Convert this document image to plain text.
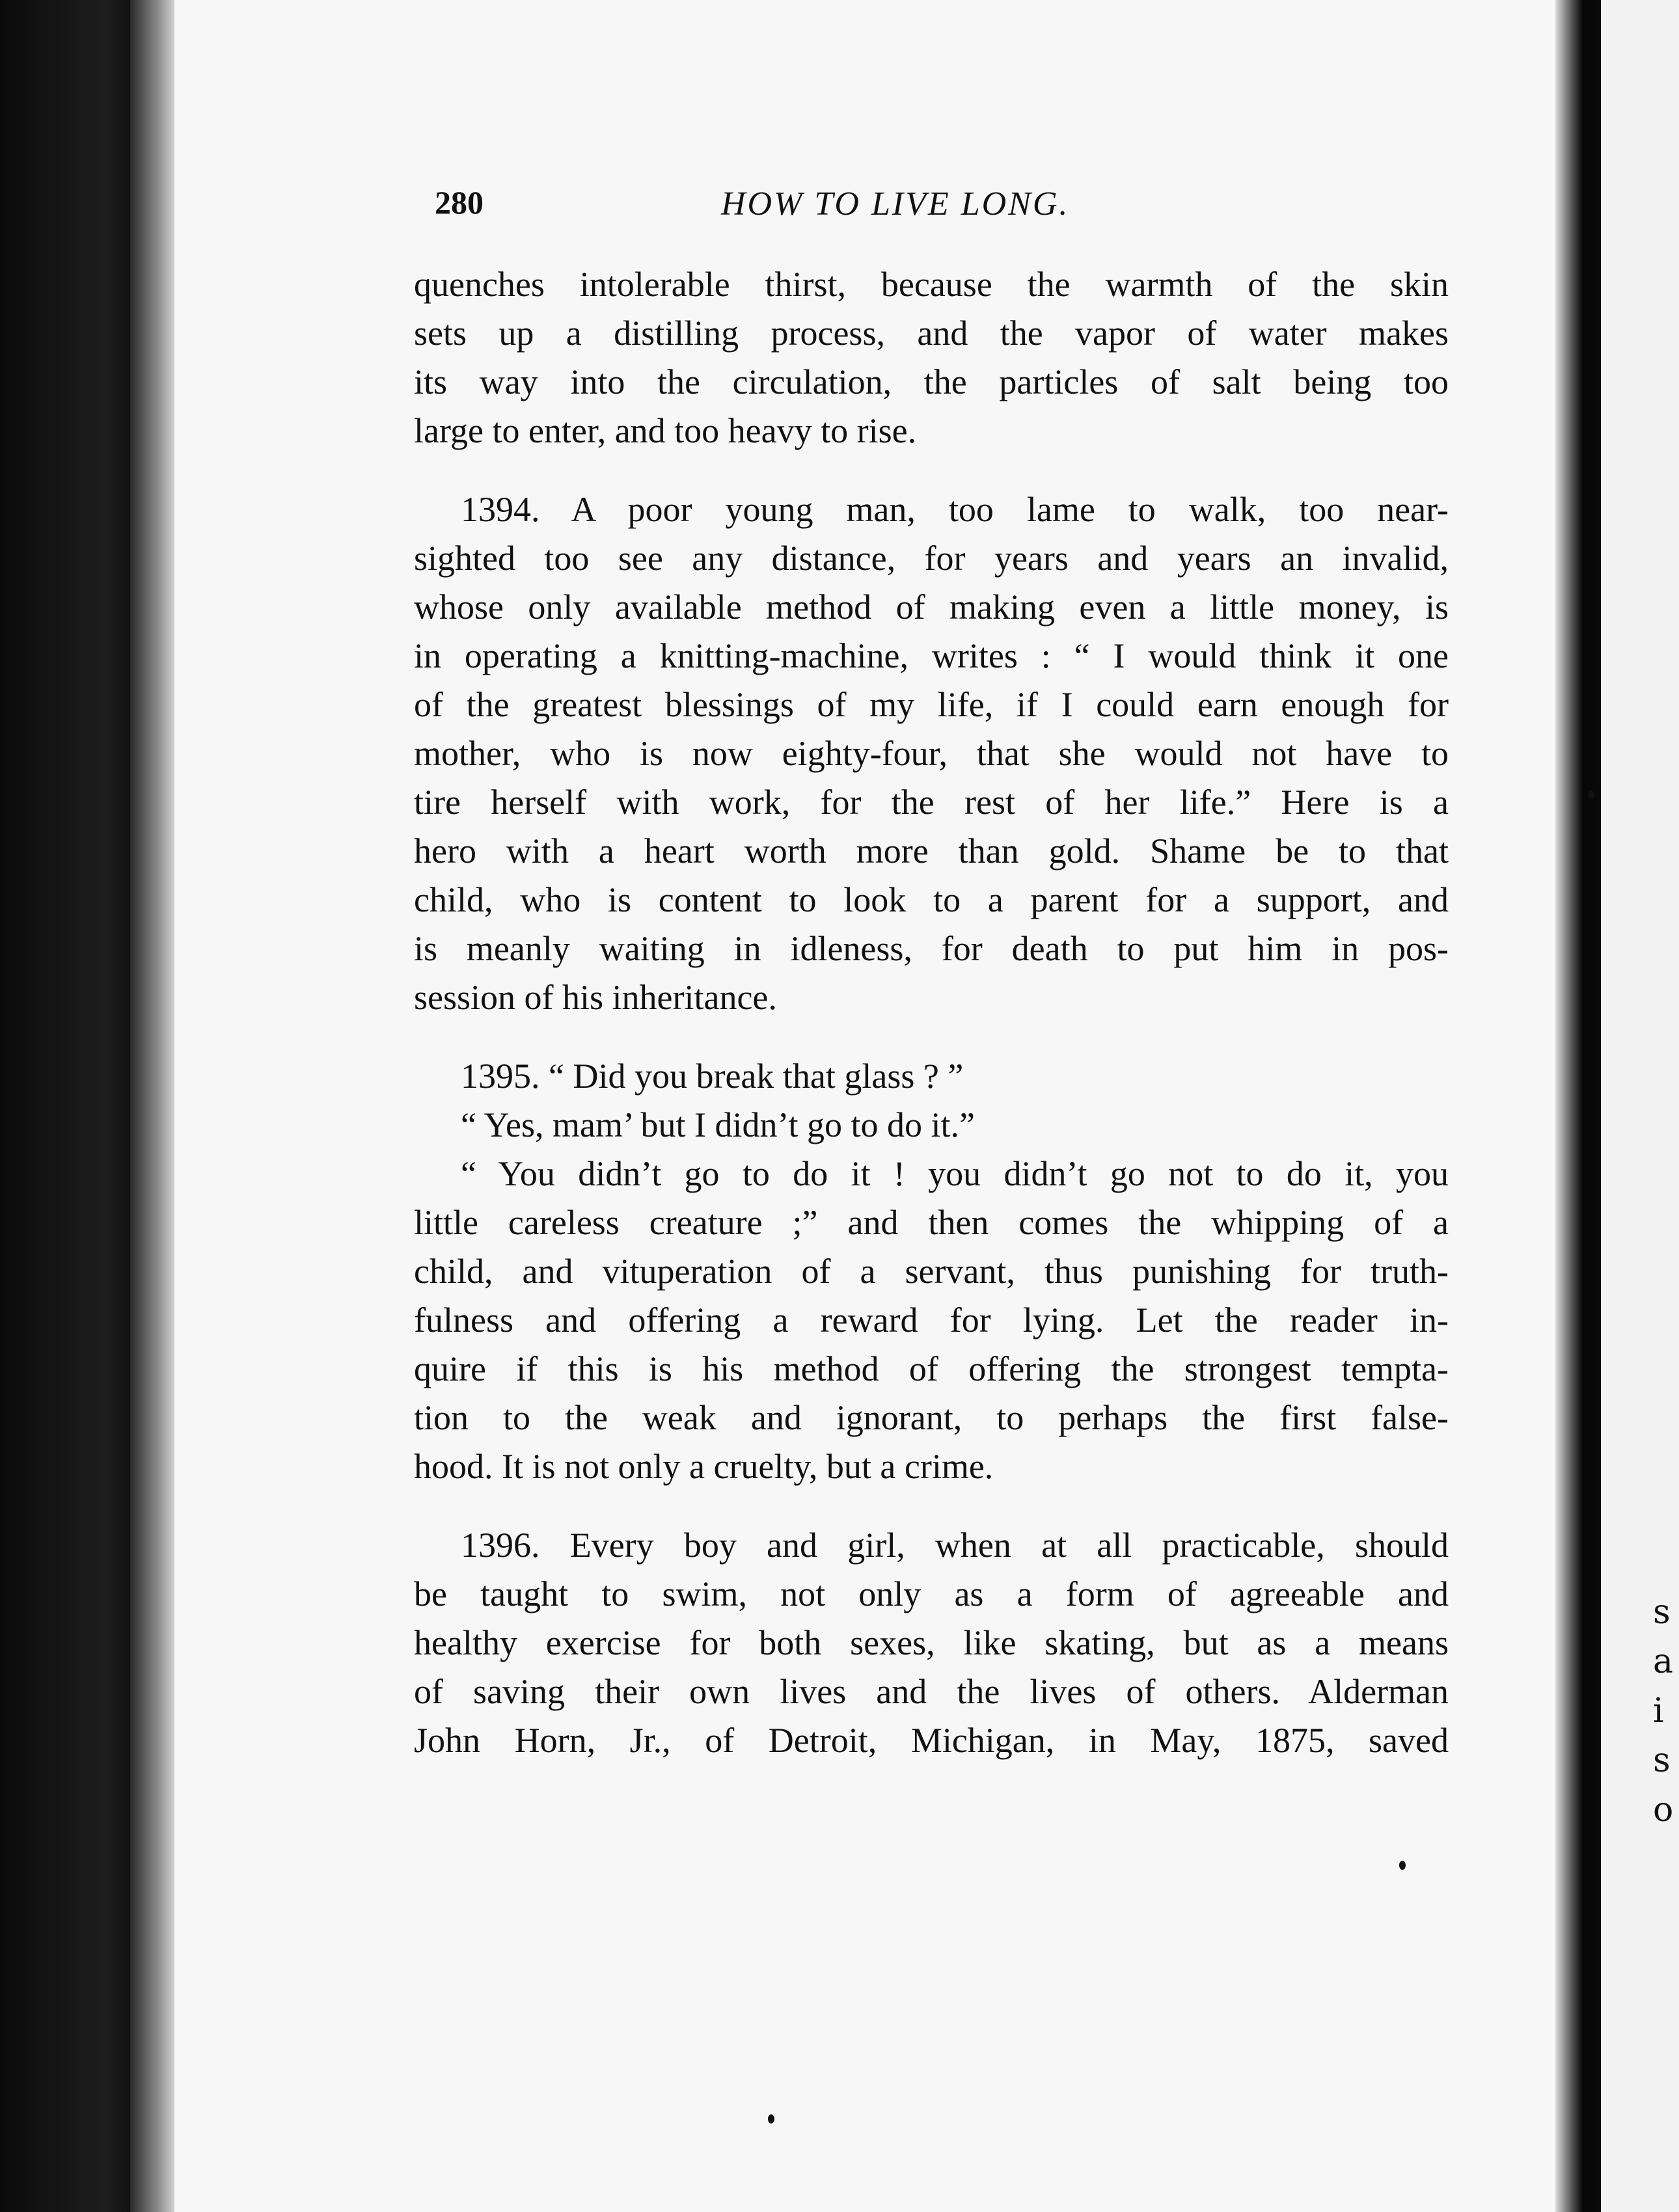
s
a
i
s
o
280	HOW TO LIVE LONG.
quenches intolerable thirst, because the warmth of the skin
sets up a distilling process, and the vapor of water makes
its way into the circulation, the particles of salt being too
large to enter, and too heavy to rise.
1394. A poor young man, too lame to walk, too near-
sighted too see any distance, for years and years an invalid,
whose only available method of making even a little money, is
in operating a knitting-machine, writes : “ I would think it one
of the greatest blessings of my life, if I could earn enough for
mother, who is now eighty-four, that she would not have to
tire herself with work, for the rest of her life.” Here is a
hero with a heart worth more than gold. Shame be to that
child, who is content to look to a parent for a support, and
is meanly waiting in idleness, for death to put him in pos-
session of his inheritance.
1395. “ Did you break that glass ? ”
“ Yes, mam’ but I didn’t go to do it.”
“ You didn’t go to do it ! you didn’t go not to do it, you
little careless creature ;” and then comes the whipping of a
child, and vituperation of a servant, thus punishing for truth-
fulness and offering a reward for lying. Let the reader in-
quire if this is his method of offering the strongest tempta-
tion to the weak and ignorant, to perhaps the first false-
hood. It is not only a cruelty, but a crime.
1396. Every boy and girl, when at all practicable, should
be taught to swim, not only as a form of agreeable and
healthy exercise for both sexes, like skating, but as a means
of saving their own lives and the lives of others. Alderman
John Horn, Jr., of Detroit, Michigan, in May, 1875, saved
